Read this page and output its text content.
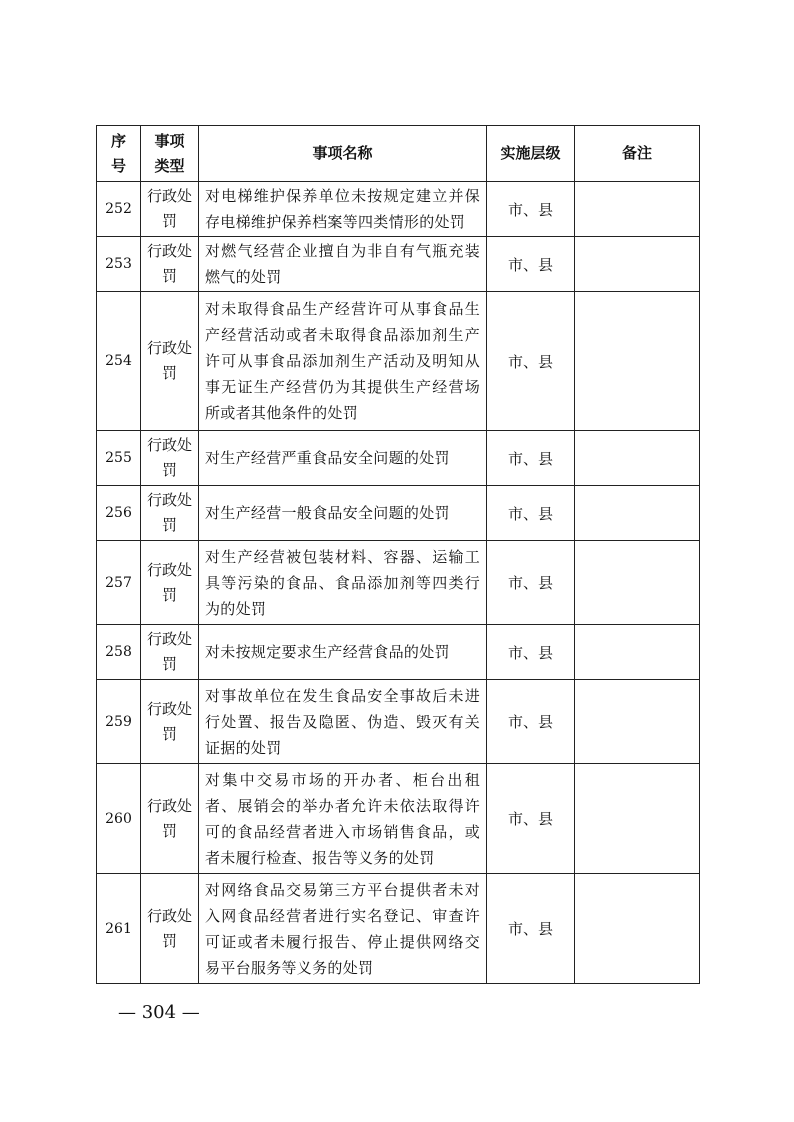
序号	事项类型	事项名称	实施层级	备注
252	行政处罚	对电梯维护保养单位未按规定建立并保存电梯维护保养档案等四类情形的处罚	市、县	
253	行政处罚	对燃气经营企业擅自为非自有气瓶充装燃气的处罚	市、县	
254	行政处罚	对未取得食品生产经营许可从事食品生产经营活动或者未取得食品添加剂生产许可从事食品添加剂生产活动及明知从事无证生产经营仍为其提供生产经营场所或者其他条件的处罚	市、县	
255	行政处罚	对生产经营严重食品安全问题的处罚	市、县	
256	行政处罚	对生产经营一般食品安全问题的处罚	市、县	
257	行政处罚	对生产经营被包装材料、容器、运输工具等污染的食品、食品添加剂等四类行为的处罚	市、县	
258	行政处罚	对未按规定要求生产经营食品的处罚	市、县	
259	行政处罚	对事故单位在发生食品安全事故后未进行处置、报告及隐匿、伪造、毁灭有关证据的处罚	市、县	
260	行政处罚	对集中交易市场的开办者、柜台出租者、展销会的举办者允许未依法取得许可的食品经营者进入市场销售食品，或者未履行检查、报告等义务的处罚	市、县	
261	行政处罚	对网络食品交易第三方平台提供者未对入网食品经营者进行实名登记、审查许可证或者未履行报告、停止提供网络交易平台服务等义务的处罚	市、县	
— 304 —
